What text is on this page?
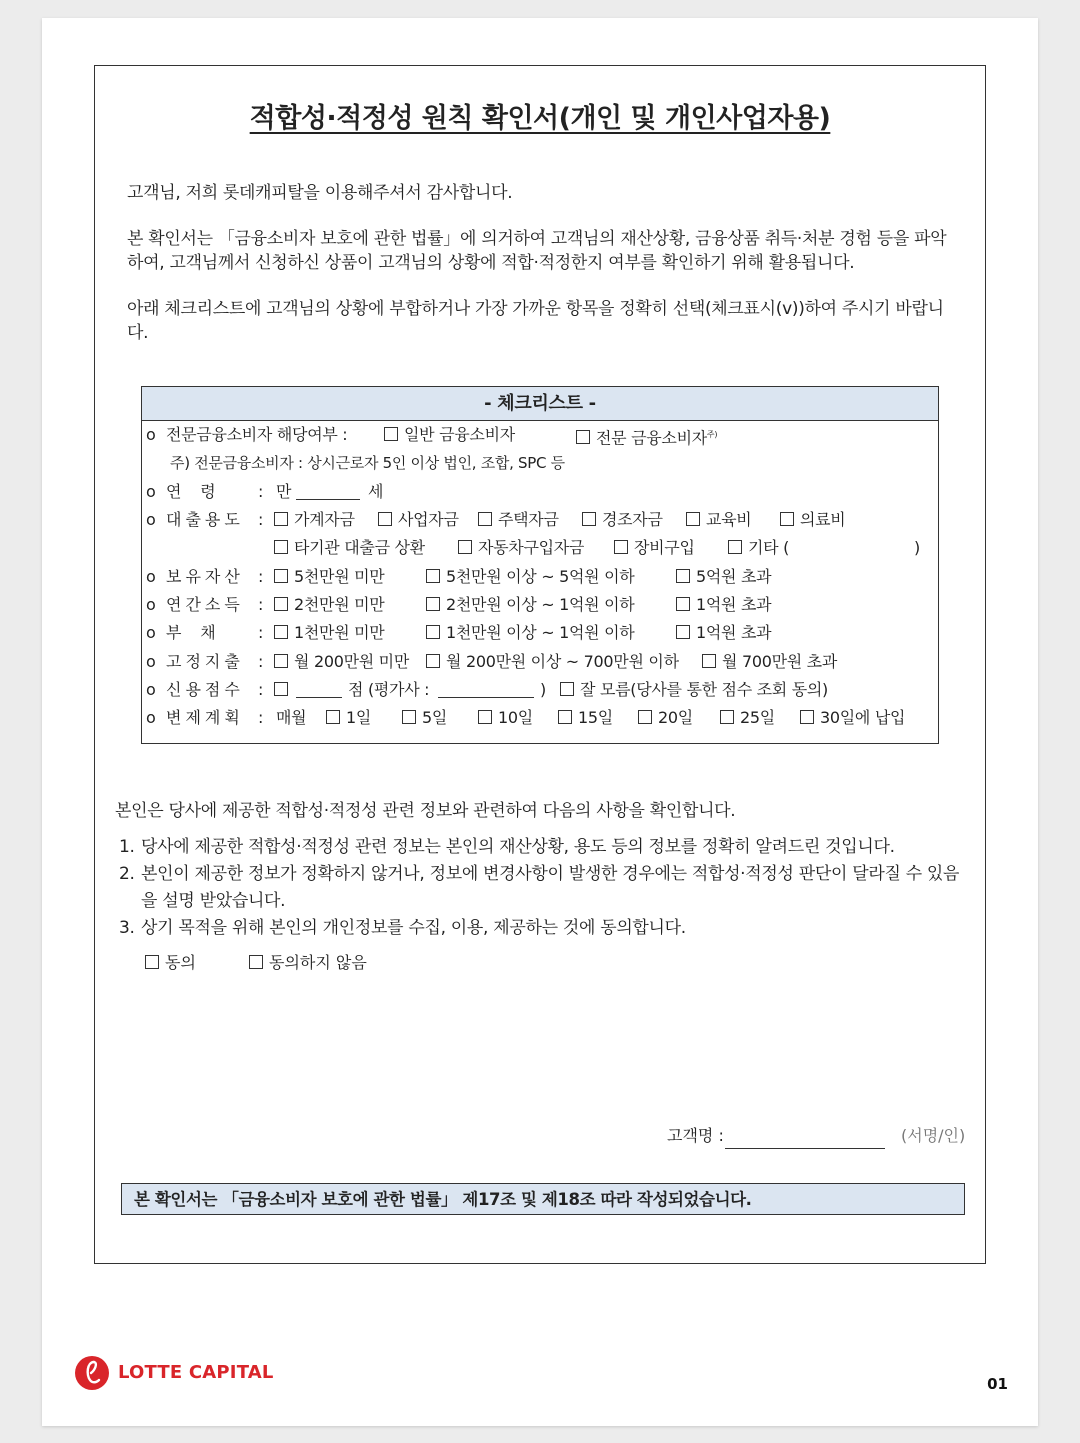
적합성·적정성 원칙 확인서(개인 및 개인사업자용)

고객님, 저희 롯데캐피탈을 이용해주셔서 감사합니다.

본 확인서는 「금융소비자 보호에 관한 법률」에 의거하여 고객님의 재산상황, 금융상품 취득·처분 경험 등을 파악하여, 고객님께서 신청하신 상품이 고객님의 상황에 적합·적정한지 여부를 확인하기 위해 활용됩니다.

아래 체크리스트에 고객님의 상황에 부합하거나 가장 가까운 항목을 정확히 선택(체크표시(v))하여 주시기 바랍니다.

- 체크리스트 -
o 전문금융소비자 해당여부 :	일반 금융소비자	전문 금융소비자$^{주)}$
주) 전문금융소비자 : 상시근로자 5인 이상 법인, 조합, SPC 등
o 연    령	: 만	세
o 대출용도 :	가계자금	사업자금	주택자금	경조자금	교육비	의료비
타기관 대출금 상환	자동차구입자금	장비구입	기타 (	)
o 보유자산 :	5천만원 미만	5천만원 이상 ~ 5억원 이하	5억원 초과
o 연간소득 :	2천만원 미만	2천만원 이상 ~ 1억원 이하	1억원 초과
o 부    채	:	1천만원 미만	1천만원 이상 ~ 1억원 이하	1억원 초과
o 고정지출 :	월 200만원 미만	월 200만원 이상 ~ 700만원 이하	월 700만원 초과
o 신용점수 :	점 (평가사 :	)	잘 모름(당사를 통한 점수 조회 동의)
o 변제계획 : 매월	1일	5일	10일	15일	20일	25일	30일에 납입

본인은 당사에 제공한 적합성·적정성 관련 정보와 관련하여 다음의 사항을 확인합니다.

1. 당사에 제공한 적합성·적정성 관련 정보는 본인의 재산상황, 용도 등의 정보를 정확히 알려드린 것입니다.
2. 본인이 제공한 정보가 정확하지 않거나, 정보에 변경사항이 발생한 경우에는 적합성·적정성 판단이 달라질 수 있음을 설명 받았습니다.
3. 상기 목적을 위해 본인의 개인정보를 수집, 이용, 제공하는 것에 동의합니다.
동의	동의하지 않음
고객명 :	(서명/인)
본 확인서는 「금융소비자 보호에 관한 법률」 제17조 및 제18조 따라 작성되었습니다.
LOTTE CAPITAL
01
